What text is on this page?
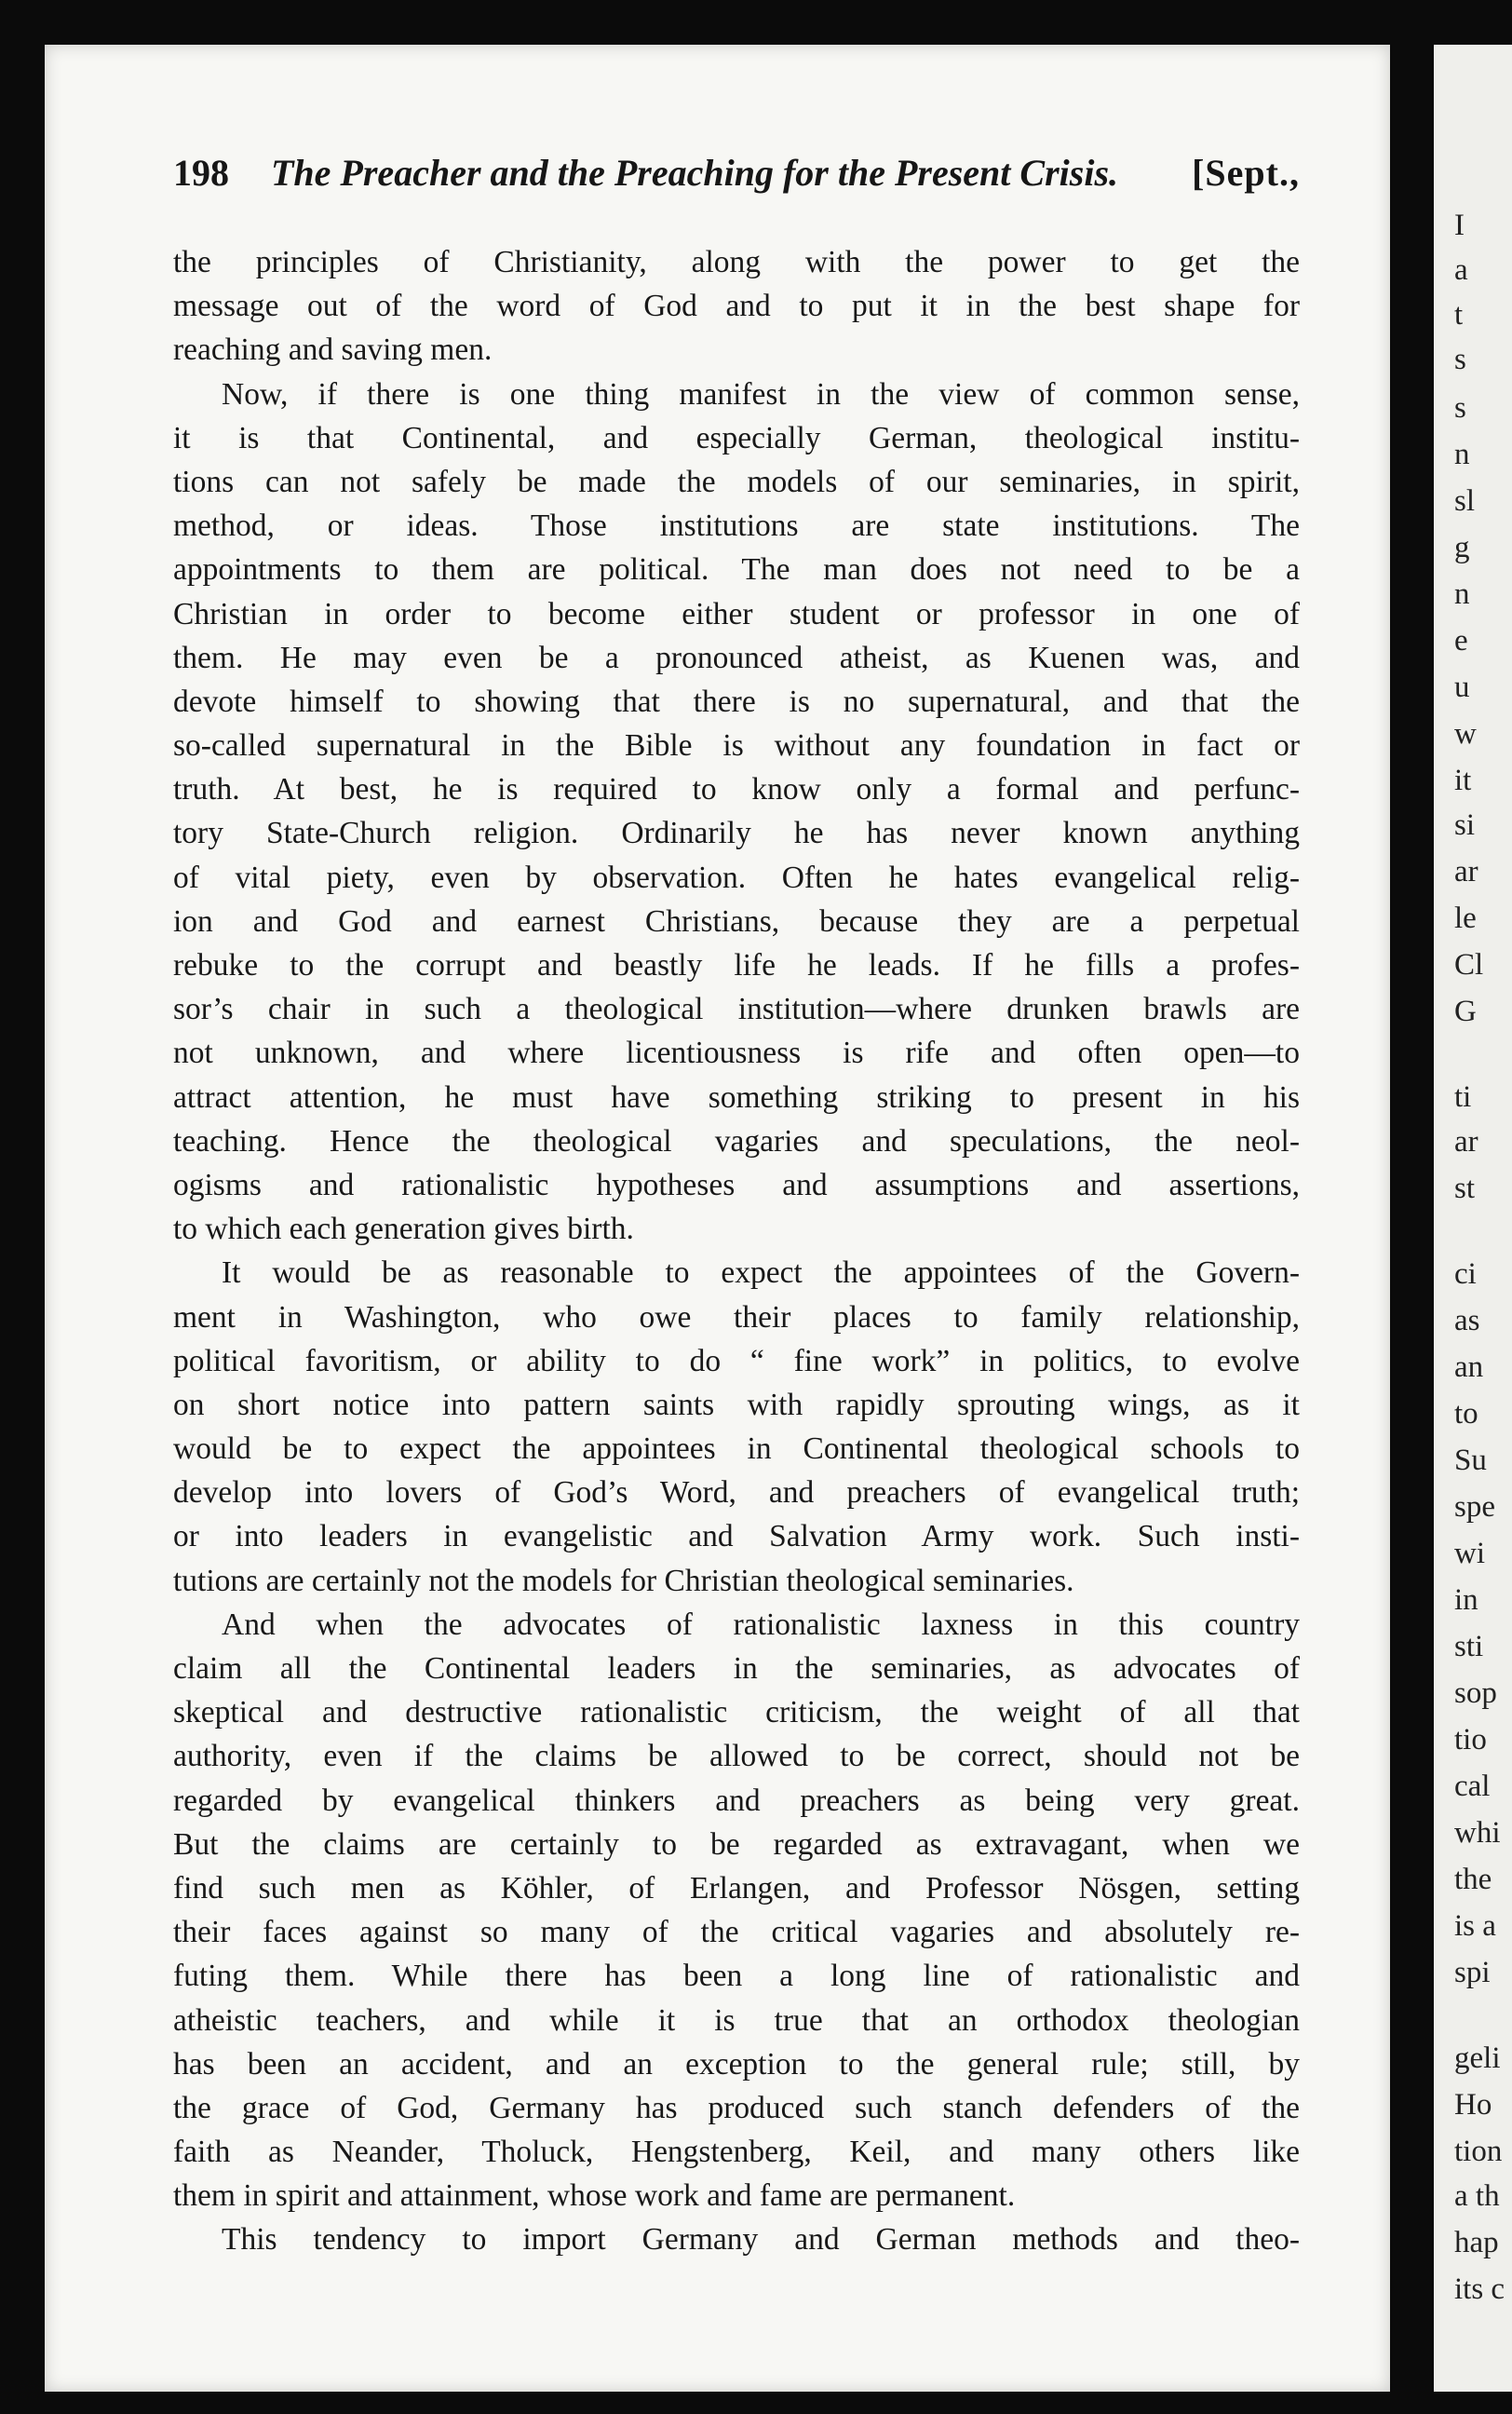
198 The Preacher and the Preaching for the Present Crisis. [Sept.,
the principles of Christianity, along with the power to get the
message out of the word of God and to put it in the best shape for
reaching and saving men.
Now, if there is one thing manifest in the view of common sense,
it is that Continental, and especially German, theological institu-
tions can not safely be made the models of our seminaries, in spirit,
method, or ideas. Those institutions are state institutions. The
appointments to them are political. The man does not need to be a
Christian in order to become either student or professor in one of
them. He may even be a pronounced atheist, as Kuenen was, and
devote himself to showing that there is no supernatural, and that the
so-called supernatural in the Bible is without any foundation in fact or
truth. At best, he is required to know only a formal and perfunc-
tory State-Church religion. Ordinarily he has never known anything
of vital piety, even by observation. Often he hates evangelical relig-
ion and God and earnest Christians, because they are a perpetual
rebuke to the corrupt and beastly life he leads. If he fills a profes-
sor’s chair in such a theological institution—where drunken brawls are
not unknown, and where licentiousness is rife and often open—to
attract attention, he must have something striking to present in his
teaching. Hence the theological vagaries and speculations, the neol-
ogisms and rationalistic hypotheses and assumptions and assertions,
to which each generation gives birth.
It would be as reasonable to expect the appointees of the Govern-
ment in Washington, who owe their places to family relationship,
political favoritism, or ability to do “ fine work” in politics, to evolve
on short notice into pattern saints with rapidly sprouting wings, as it
would be to expect the appointees in Continental theological schools to
develop into lovers of God’s Word, and preachers of evangelical truth;
or into leaders in evangelistic and Salvation Army work. Such insti-
tutions are certainly not the models for Christian theological seminaries.
And when the advocates of rationalistic laxness in this country
claim all the Continental leaders in the seminaries, as advocates of
skeptical and destructive rationalistic criticism, the weight of all that
authority, even if the claims be allowed to be correct, should not be
regarded by evangelical thinkers and preachers as being very great.
But the claims are certainly to be regarded as extravagant, when we
find such men as Köhler, of Erlangen, and Professor Nösgen, setting
their faces against so many of the critical vagaries and absolutely re-
futing them. While there has been a long line of rationalistic and
atheistic teachers, and while it is true that an orthodox theologian
has been an accident, and an exception to the general rule; still, by
the grace of God, Germany has produced such stanch defenders of the
faith as Neander, Tholuck, Hengstenberg, Keil, and many others like
them in spirit and attainment, whose work and fame are permanent.
This tendency to import Germany and German methods and theo-
I
a
t
s
s
n
sl
g
n
e
u
w
it
si
ar
le
Cl
G
ti
ar
st
ci
as
an
to
Su
spe
wi
in
sti
sop
tio
cal
whi
the
is a
spi
geli
Ho
tion
a th
hap
its c
